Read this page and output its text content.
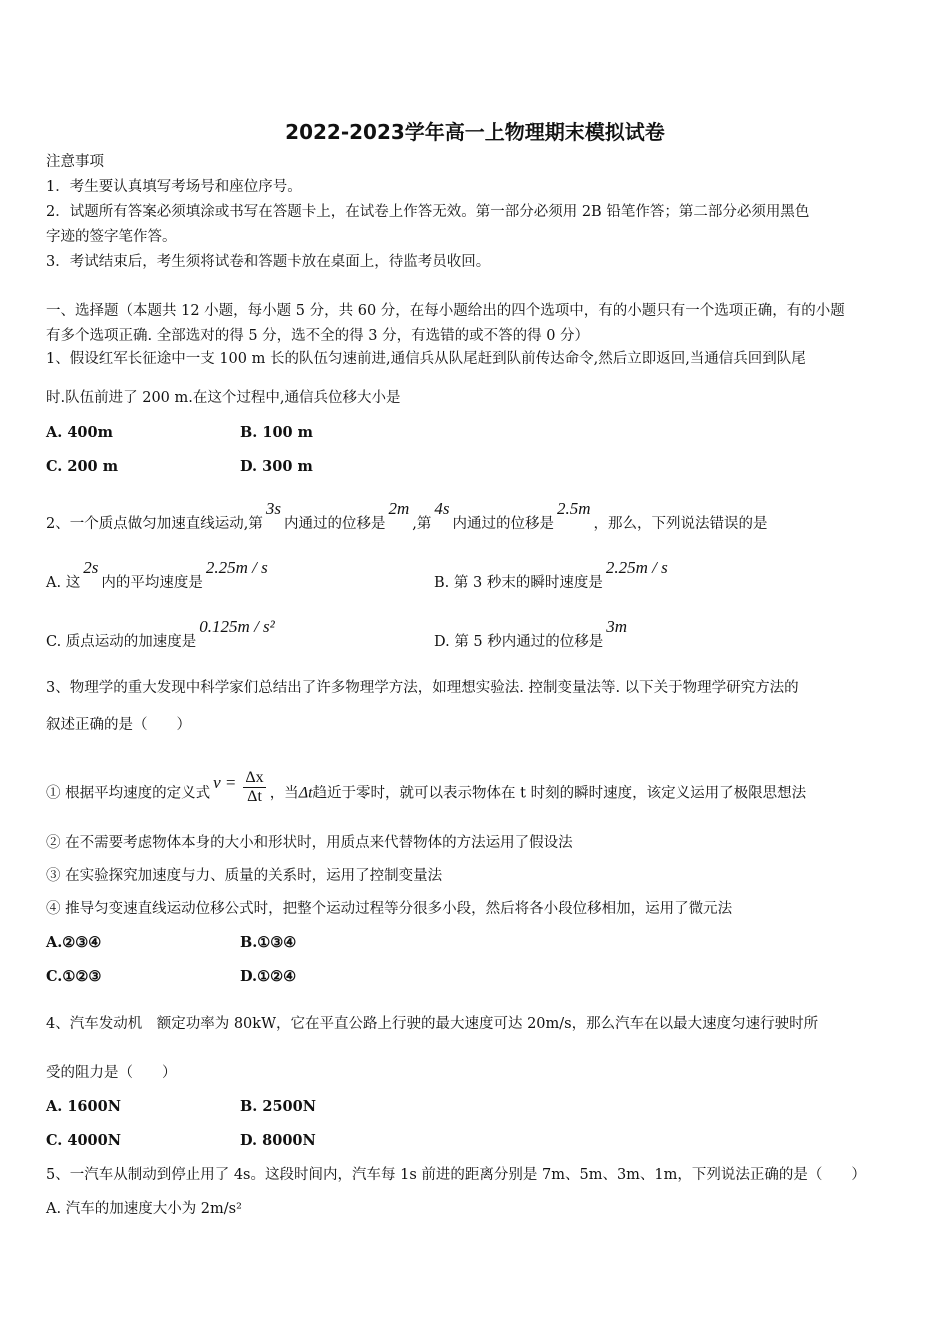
2022-2023学年高一上物理期末模拟试卷
注意事项
1．考生要认真填写考场号和座位序号。
2．试题所有答案必须填涂或书写在答题卡上，在试卷上作答无效。第一部分必须用 2B 铅笔作答；第二部分必须用黑色
字迹的签字笔作答。
3．考试结束后，考生须将试卷和答题卡放在桌面上，待监考员收回。
一、选择题（本题共 12 小题，每小题 5 分，共 60 分，在每小题给出的四个选项中，有的小题只有一个选项正确，有的小题
有多个选项正确. 全部选对的得 5 分，选不全的得 3 分，有选错的或不答的得 0 分）
1、假设红军长征途中一支 100 m 长的队伍匀速前进,通信兵从队尾赶到队前传达命令,然后立即返回,当通信兵回到队尾
时.队伍前进了 200 m.在这个过程中,通信兵位移大小是
A. 400m	B. 100 m
C. 200 m	D. 300 m
2、一个质点做匀加速直线运动,第3s内通过的位移是2m,第4s内通过的位移是2.5m，那么，下列说法错误的是
A. 这2s内的平均速度是2.25m / s
B. 第 3 秒末的瞬时速度是2.25m / s
C. 质点运动的加速度是0.125m / s²
D. 第 5 秒内通过的位移是3m
3、物理学的重大发现中科学家们总结出了许多物理学方法，如理想实验法. 控制变量法等. 以下关于物理学研究方法的
叙述正确的是（　　）
① 根据平均速度的定义式$v = \frac{\Delta x}{\Delta t}$ ，当Δt趋近于零时，就可以表示物体在 t 时刻的瞬时速度，该定义运用了极限思想法
② 在不需要考虑物体本身的大小和形状时，用质点来代替物体的方法运用了假设法
③ 在实验探究加速度与力、质量的关系时，运用了控制变量法
④ 推导匀变速直线运动位移公式时，把整个运动过程等分很多小段，然后将各小段位移相加，运用了微元法
A.②③④	B.①③④
C.①②③	D.①②④
4、汽车发动机　额定功率为 80kW，它在平直公路上行驶的最大速度可达 20m/s，那么汽车在以最大速度匀速行驶时所
受的阻力是（　　）
A. 1600N	B. 2500N
C. 4000N	D. 8000N
5、一汽车从制动到停止用了 4s。这段时间内，汽车每 1s 前进的距离分别是 7m、5m、3m、1m，下列说法正确的是（　　）
A. 汽车的加速度大小为 2m/s²
